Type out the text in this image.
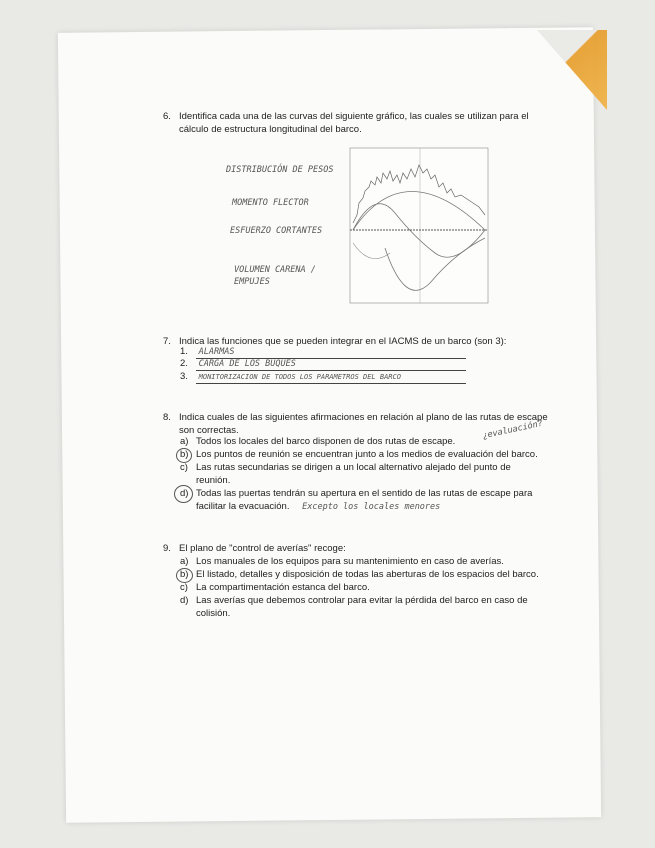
6. Identifica cada una de las curvas del siguiente gráfico, las cuales se utilizan para el
cálculo de estructura longitudinal del barco.
DISTRIBUCIÓN DE PESOS
MOMENTO FLECTOR
ESFUERZO CORTANTES
VOLUMEN CARENA / EMPUJES
7. Indica las funciones que se pueden integrar en el IACMS de un barco (son 3):
1. ALARMAS
2. CARGA DE LOS BUQUES
3. MONITORIZACION DE TODOS LOS PARAMETROS DEL BARCO
8. Indica cuales de las siguientes afirmaciones en relación al plano de las rutas de escape
son correctas.	¿evaluación?
a) Todos los locales del barco disponen de dos rutas de escape.
b) Los puntos de reunión se encuentran junto a los medios de evaluación del barco.
c) Las rutas secundarias se dirigen a un local alternativo alejado del punto de
reunión.
d) Todas las puertas tendrán su apertura en el sentido de las rutas de escape para
facilitar la evacuación. Excepto los locales menores
9. El plano de "control de averías" recoge:
a) Los manuales de los equipos para su mantenimiento en caso de averías.
b) El listado, detalles y disposición de todas las aberturas de los espacios del barco.
c) La compartimentación estanca del barco.
d) Las averías que debemos controlar para evitar la pérdida del barco en caso de
colisión.
